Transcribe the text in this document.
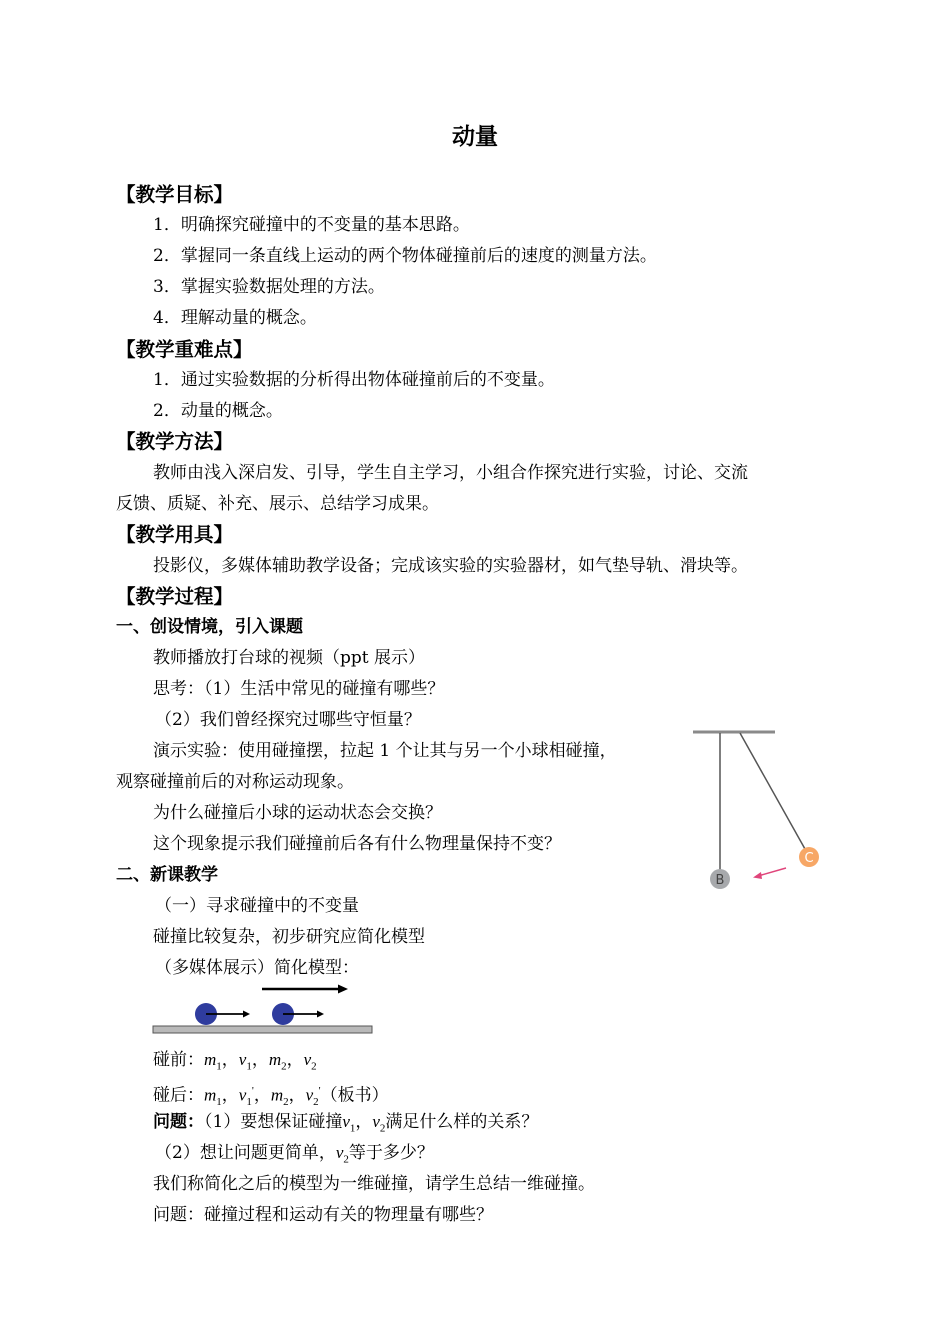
动量
【教学目标】
1．明确探究碰撞中的不变量的基本思路。
2．掌握同一条直线上运动的两个物体碰撞前后的速度的测量方法。
3．掌握实验数据处理的方法。
4．理解动量的概念。
【教学重难点】
1．通过实验数据的分析得出物体碰撞前后的不变量。
2．动量的概念。
【教学方法】
教师由浅入深启发、引导，学生自主学习，小组合作探究进行实验，讨论、交流
反馈、质疑、补充、展示、总结学习成果。
【教学用具】
投影仪，多媒体辅助教学设备；完成该实验的实验器材，如气垫导轨、滑块等。
【教学过程】
一、创设情境，引入课题
教师播放打台球的视频（ppt 展示）
思考：（1）生活中常见的碰撞有哪些？
（2）我们曾经探究过哪些守恒量？
演示实验：使用碰撞摆，拉起 1 个让其与另一个小球相碰撞，
观察碰撞前后的对称运动现象。
为什么碰撞后小球的运动状态会交换？
这个现象提示我们碰撞前后各有什么物理量保持不变？
B
C
二、新课教学
（一）寻求碰撞中的不变量
碰撞比较复杂，初步研究应简化模型
（多媒体展示）简化模型：
碰前：$m_1$，$v_1$，$m_2$，$v_2$
碰后：$m_1$，$v_1'$，$m_2$，$v_2'$（板书）
问题：（1）要想保证碰撞$v_1$，$v_2$满足什么样的关系？
（2）想让问题更简单，$v_2$等于多少？
我们称简化之后的模型为一维碰撞，请学生总结一维碰撞。
问题：碰撞过程和运动有关的物理量有哪些？
